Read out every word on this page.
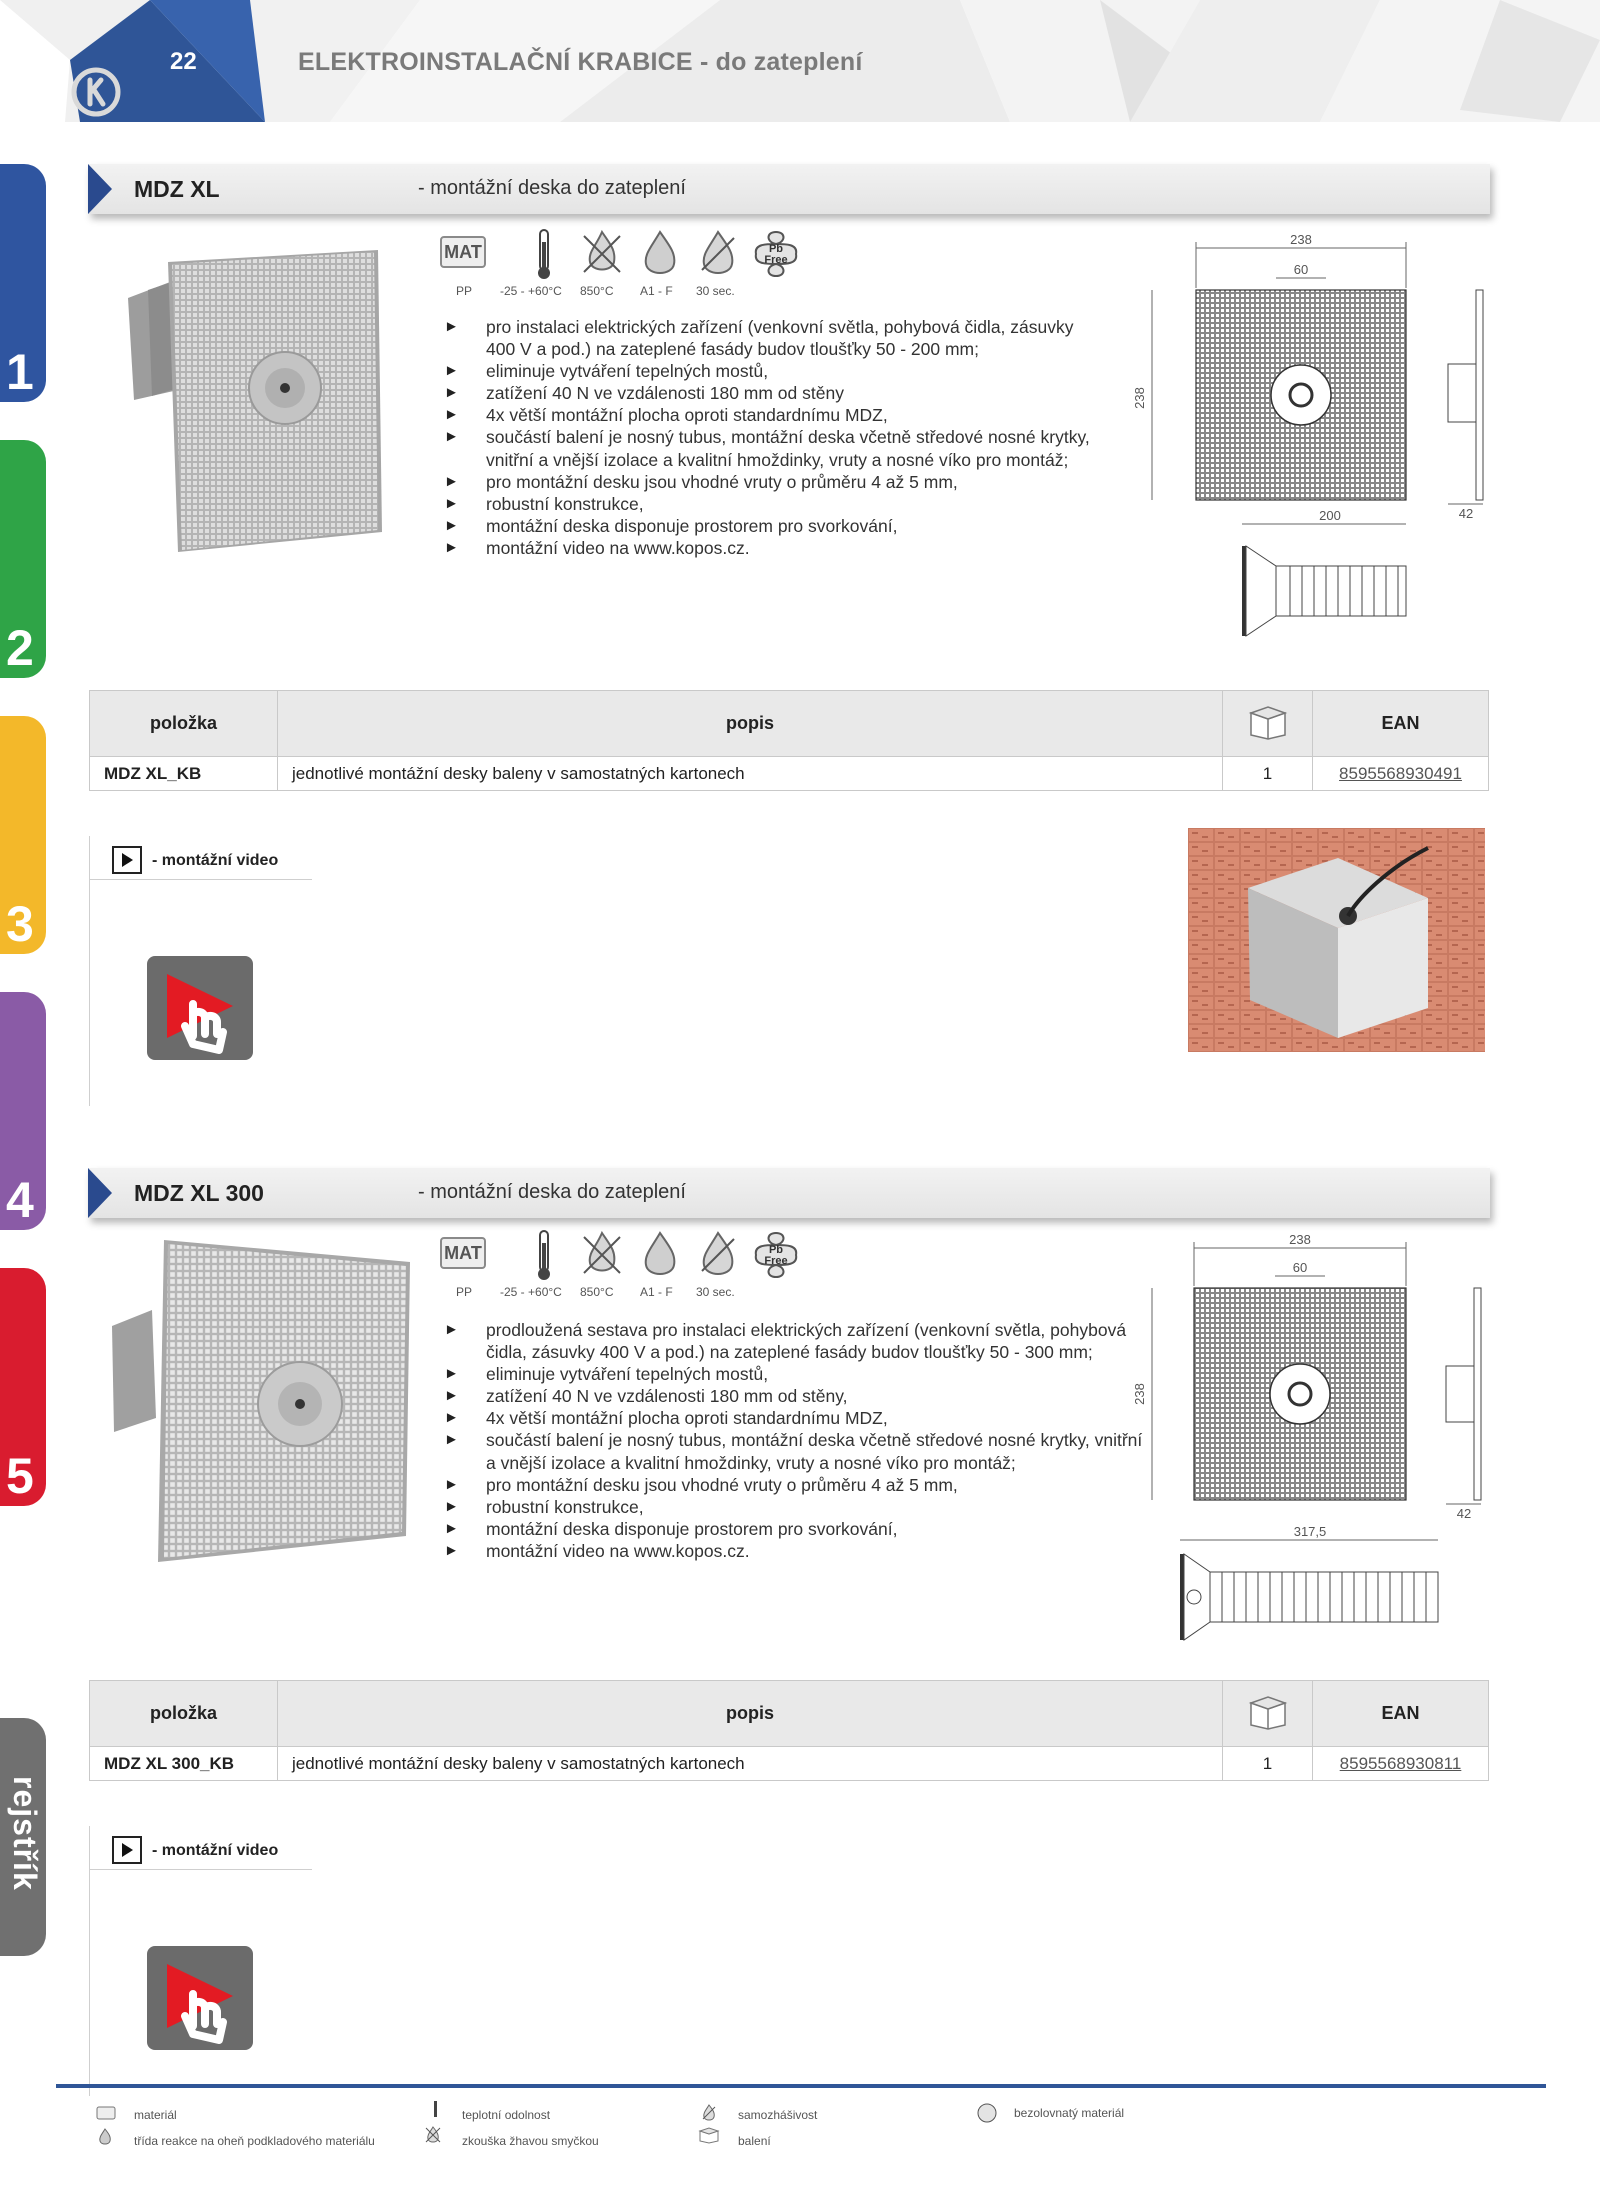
22	ELEKTROINSTALAČNÍ KRABICE - do zateplení
1
2
3
4
5
rejstřík
MDZ XL	- montážní deska do zateplení
MAT	Pb
Free
PP -25 - +60°C 850°C A1 - F 30 sec.
► pro instalaci elektrických zařízení (venkovní světla, pohybová čidla, zásuvky 400 V a pod.) na zateplené fasády budov tloušťky 50 - 200 mm;
► eliminuje vytváření tepelných mostů,
► zatížení 40 N ve vzdálenosti 180 mm od stěny
► 4x větší montážní plocha oproti standardnímu MDZ,
► součástí balení je nosný tubus, montážní deska včetně středové nosné krytky, vnitřní a vnější izolace a kvalitní hmoždinky, vruty a nosné víko pro montáž;
► pro montážní desku jsou vhodné vruty o průměru 4 až 5 mm,
► robustní konstrukce,
► montážní deska disponuje prostorem pro svorkování,
► montážní video na www.kopos.cz.
238
60
238
42
200
položka	popis		EAN
MDZ XL_KB	jednotlivé montážní desky baleny v samostatných kartonech	1	8595568930491
- montážní video
MDZ XL 300	- montážní deska do zateplení
MAT	Pb
Free
PP -25 - +60°C 850°C A1 - F 30 sec.
► prodloužená sestava pro instalaci elektrických zařízení (venkovní světla, pohybová čidla, zásuvky 400 V a pod.) na zateplené fasády budov tloušťky 50 - 300 mm;
► eliminuje vytváření tepelných mostů,
► zatížení 40 N ve vzdálenosti 180 mm od stěny,
► 4x větší montážní plocha oproti standardnímu MDZ,
► součástí balení je nosný tubus, montážní deska včetně středové nosné krytky, vnitřní a vnější izolace a kvalitní hmoždinky, vruty a nosné víko pro montáž;
► pro montážní desku jsou vhodné vruty o průměru 4 až 5 mm,
► robustní konstrukce,
► montážní deska disponuje prostorem pro svorkování,
► montážní video na www.kopos.cz.
238
60
238
42
317,5
položka	popis		EAN
MDZ XL 300_KB	jednotlivé montážní desky baleny v samostatných kartonech	1	8595568930811
- montážní video
materiál
třída reakce na oheň podkladového materiálu
teplotní odolnost
zkouška žhavou smyčkou
samozhášivost
balení
bezolovnatý materiál
